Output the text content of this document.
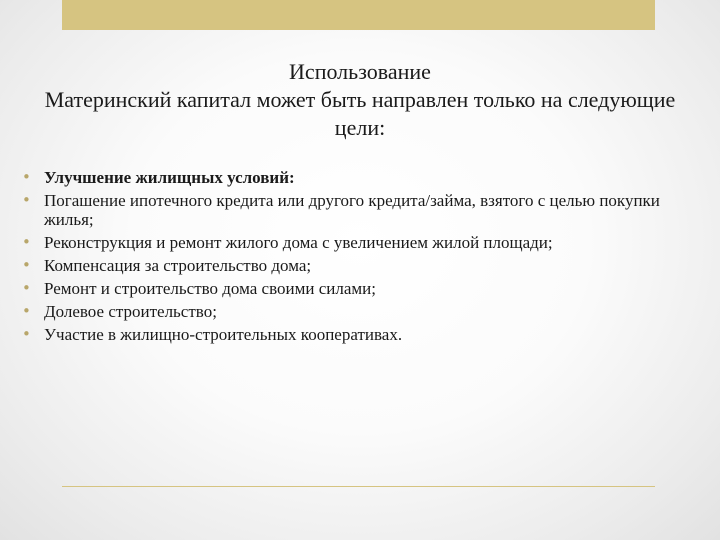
Использование
Материнский капитал может быть направлен только на следующие цели:
• Улучшение жилищных условий:
• Погашение ипотечного кредита или другого кредита/займа, взятого с целью покупки жилья;
• Реконструкция и ремонт жилого дома с увеличением жилой площади;
• Компенсация за строительство дома;
• Ремонт и строительство дома своими силами;
• Долевое строительство;
• Участие в жилищно-строительных кооперативах.
